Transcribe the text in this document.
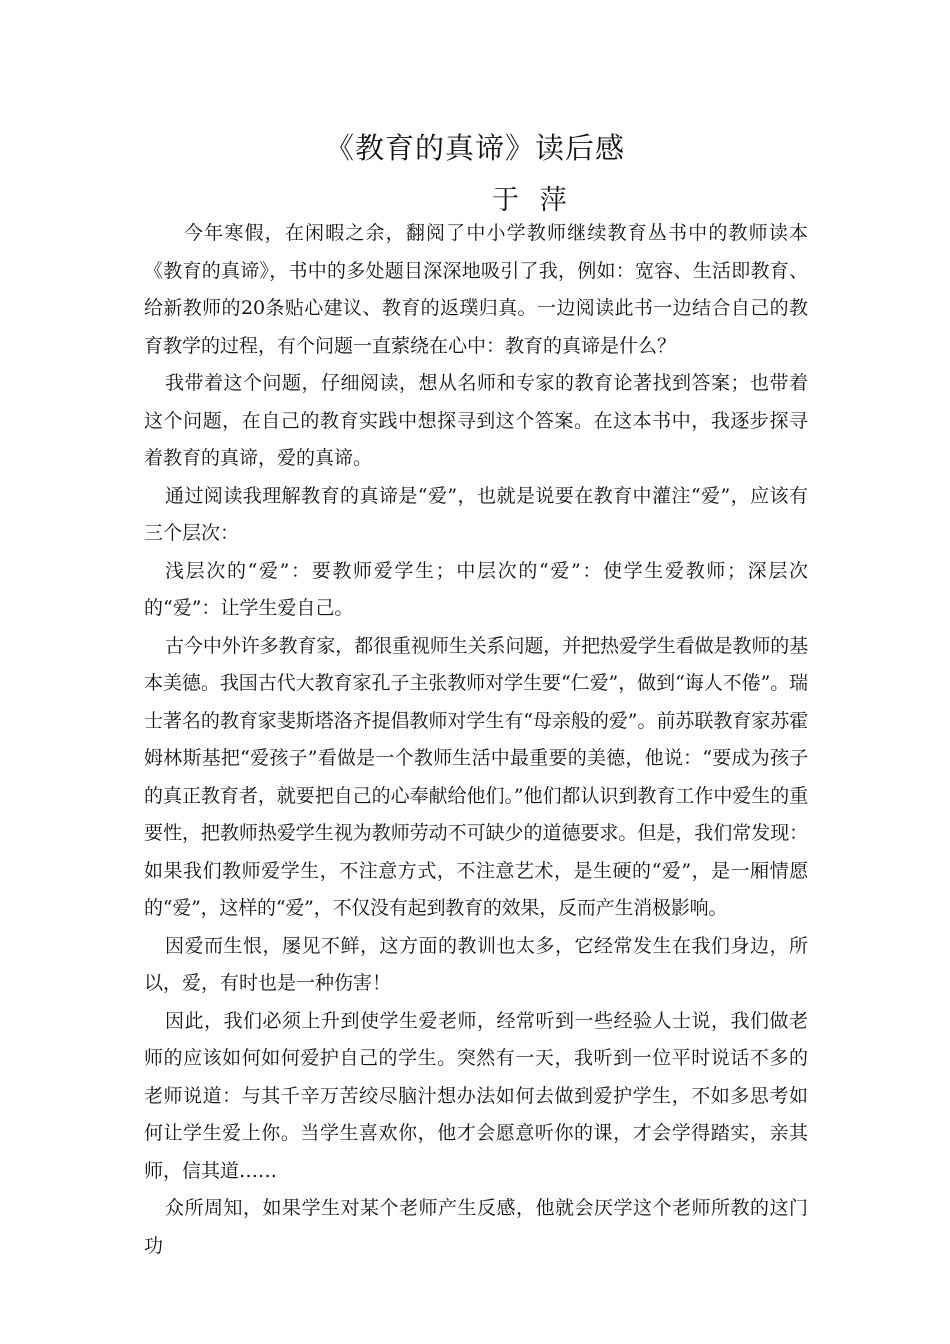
《教育的真谛》读后感
于 萍

今年寒假，在闲暇之余，翻阅了中小学教师继续教育丛书中的教师读本《教育的真谛》，书中的多处题目深深地吸引了我，例如：宽容、生活即教育、给新教师的20条贴心建议、教育的返璞归真。一边阅读此书一边结合自己的教育教学的过程，有个问题一直萦绕在心中：教育的真谛是什么？

我带着这个问题，仔细阅读，想从名师和专家的教育论著找到答案；也带着这个问题，在自己的教育实践中想探寻到这个答案。在这本书中，我逐步探寻着教育的真谛，爱的真谛。

通过阅读我理解教育的真谛是“爱”，也就是说要在教育中灌注“爱”，应该有三个层次：

浅层次的“爱”：要教师爱学生；中层次的“爱”：使学生爱教师；深层次的“爱”：让学生爱自己。

古今中外许多教育家，都很重视师生关系问题，并把热爱学生看做是教师的基本美德。我国古代大教育家孔子主张教师对学生要“仁爱”，做到“诲人不倦”。瑞士著名的教育家斐斯塔洛齐提倡教师对学生有“母亲般的爱”。前苏联教育家苏霍姆林斯基把“爱孩子”看做是一个教师生活中最重要的美德，他说：“要成为孩子的真正教育者，就要把自己的心奉献给他们。”他们都认识到教育工作中爱生的重要性，把教师热爱学生视为教师劳动不可缺少的道德要求。但是，我们常发现：如果我们教师爱学生，不注意方式，不注意艺术，是生硬的“爱”，是一厢情愿的“爱”，这样的“爱”，不仅没有起到教育的效果，反而产生消极影响。

因爱而生恨，屡见不鲜，这方面的教训也太多，它经常发生在我们身边，所以，爱，有时也是一种伤害！

因此，我们必须上升到使学生爱老师，经常听到一些经验人士说，我们做老师的应该如何如何爱护自己的学生。突然有一天，我听到一位平时说话不多的老师说道：与其千辛万苦绞尽脑汁想办法如何去做到爱护学生，不如多思考如何让学生爱上你。当学生喜欢你，他才会愿意听你的课，才会学得踏实，亲其师，信其道……

众所周知，如果学生对某个老师产生反感，他就会厌学这个老师所教的这门功
